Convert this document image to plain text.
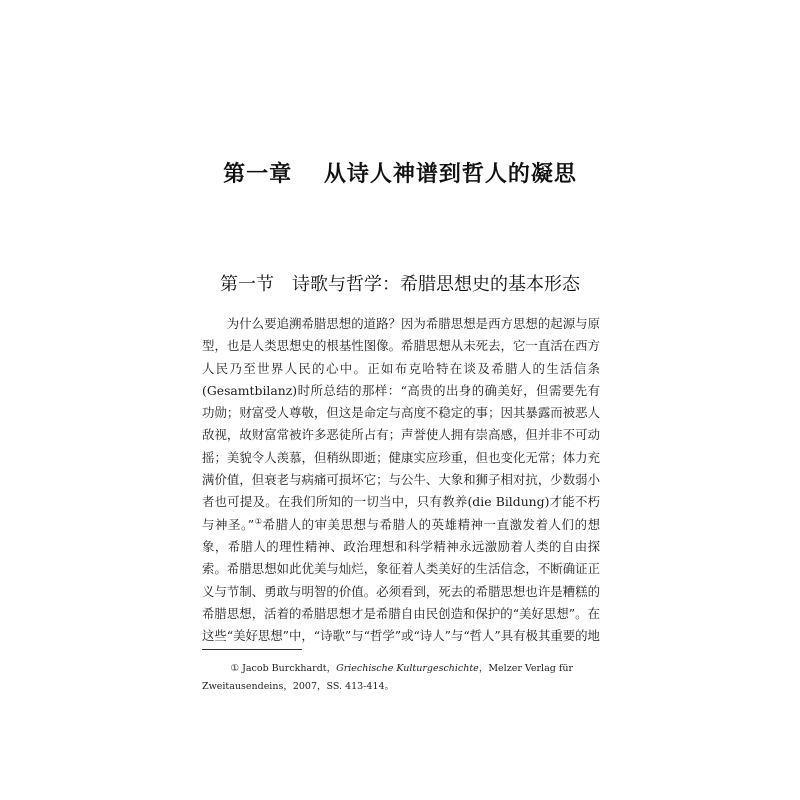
第一章　 从诗人神谱到哲人的凝思
第一节　诗歌与哲学：希腊思想史的基本形态

为什么要追溯希腊思想的道路？因为希腊思想是西方思想的起源与原型，也是人类思想史的根基性图像。希腊思想从未死去，它一直活在西方人民乃至世界人民的心中。正如布克哈特在谈及希腊人的生活信条(Gesamtbilanz)时所总结的那样：“高贵的出身的确美好，但需要先有功勋；财富受人尊敬，但这是命定与高度不稳定的事；因其暴露而被恶人敌视，故财富常被许多恶徒所占有；声誉使人拥有崇高感，但并非不可动摇；美貌令人羡慕，但稍纵即逝；健康实应珍重，但也变化无常；体力充满价值，但衰老与病痛可损坏它；与公牛、大象和狮子相对抗，少数弱小者也可提及。在我们所知的一切当中，只有教养(die Bildung)才能不朽与神圣。”①希腊人的审美思想与希腊人的英雄精神一直激发着人们的想象，希腊人的理性精神、政治理想和科学精神永远激励着人类的自由探索。希腊思想如此优美与灿烂，象征着人类美好的生活信念，不断确证正义与节制、勇敢与明智的价值。必须看到，死去的希腊思想也许是糟糕的希腊思想，活着的希腊思想才是希腊自由民创造和保护的“美好思想”。在这些“美好思想”中，“诗歌”与“哲学”或“诗人”与“哲人”具有极其重要的地

① Jacob Burckhardt，Griechische Kulturgeschichte，Melzer Verlag für Zweitausendeins，2007，SS. 413-414。
